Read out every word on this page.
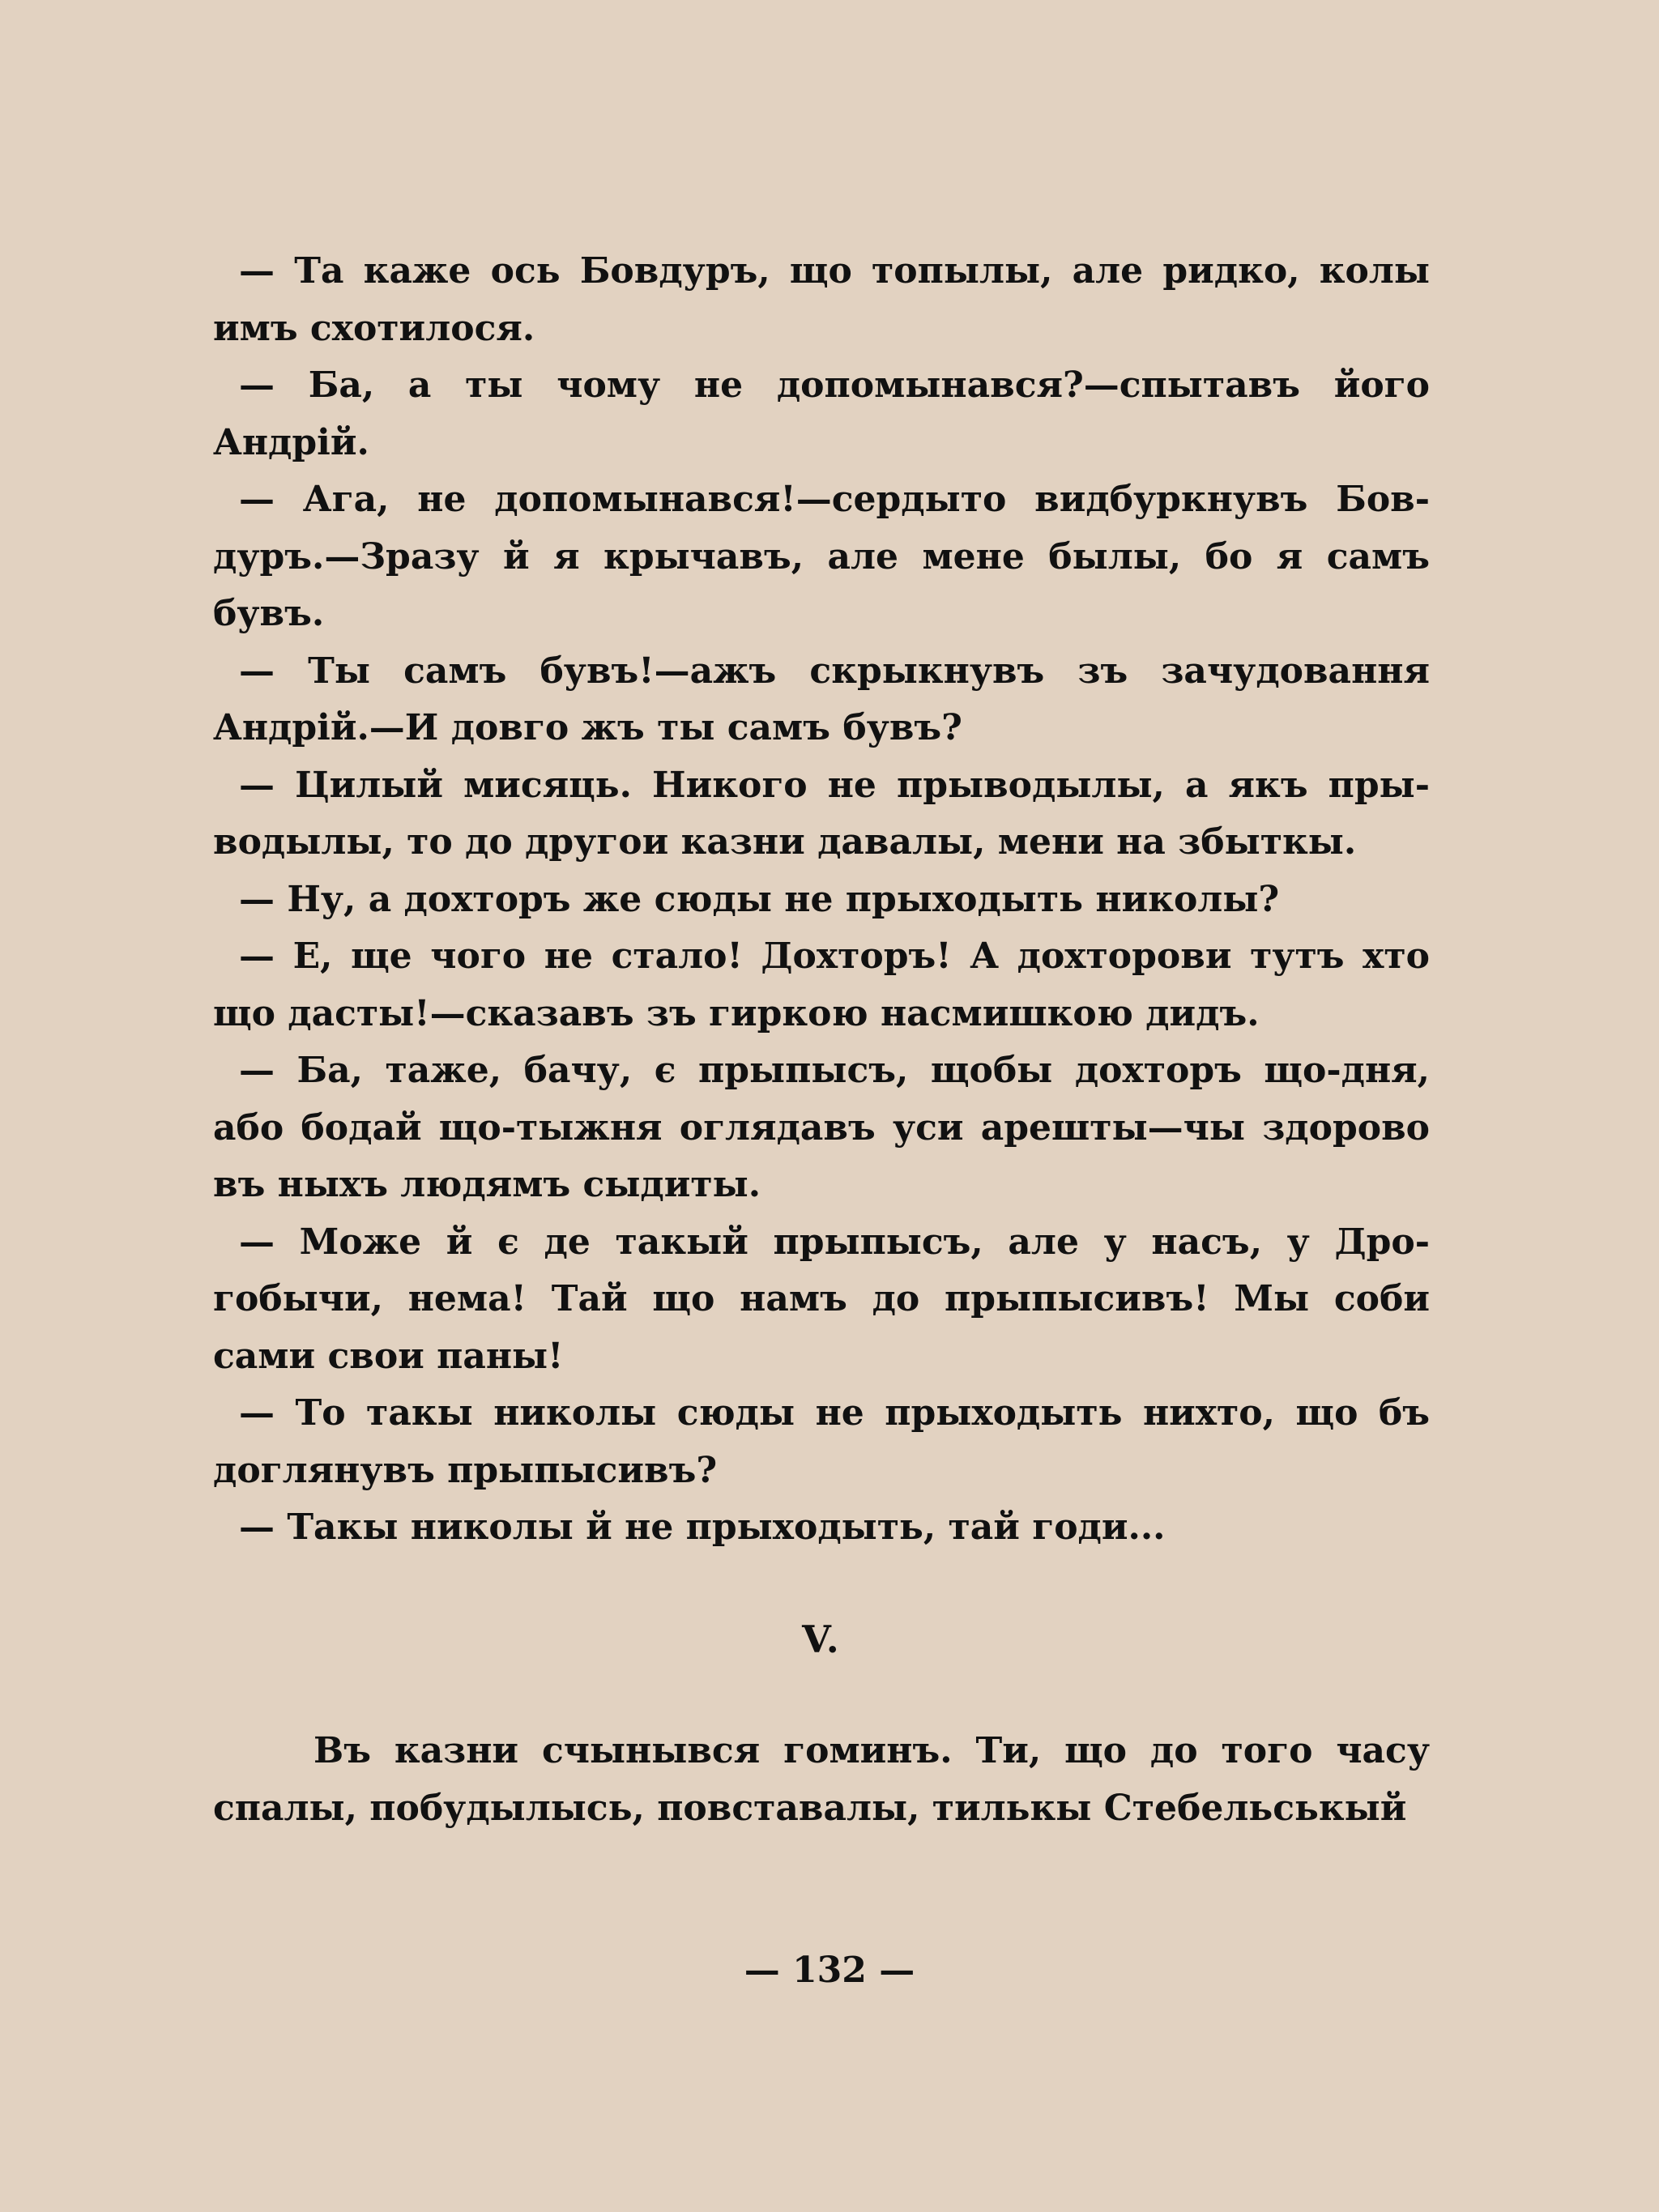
— Та каже ось Бовдуръ, що топылы, але ридко, колы имъ схотилося.

— Ба, а ты чому не допомынався?—спытавъ його Андрій.

— Ага, не допомынався!—сердыто видбуркнувъ Бов-дуръ.—Зразу й я крычавъ, але мене былы, бо я самъ бувъ.

— Ты самъ бувъ!—ажъ скрыкнувъ зъ зачудовання Андрій.—И довго жъ ты самъ бувъ?

— Цилый мисяць. Никого не прыводылы, а якъ пры-водылы, то до другои казни давалы, мени на збыткы.

— Ну, а дохторъ же сюды не прыходыть николы?

— Е, ще чого не стало! Дохторъ! А дохторови тутъ хто що дасты!—сказавъ зъ гиркою насмишкою дидъ.

— Ба, таже, бачу, є прыпысъ, щобы дохторъ що-дня, або бодай що-тыжня оглядавъ уси арешты—чы здорово въ ныхъ людямъ сыдиты.

— Може й є де такый прыпысъ, але у насъ, у Дро-гобычи, нема! Тай що намъ до прыпысивъ! Мы соби сами свои паны!

— То такы николы сюды не прыходыть нихто, що бъ доглянувъ прыпысивъ?

— Такы николы й не прыходыть, тай годи...

V.

Въ казни счынывся гоминъ. Ти, що до того часу спалы, побудылысь, повставалы, тилькы Стебельськый

— 132 —
